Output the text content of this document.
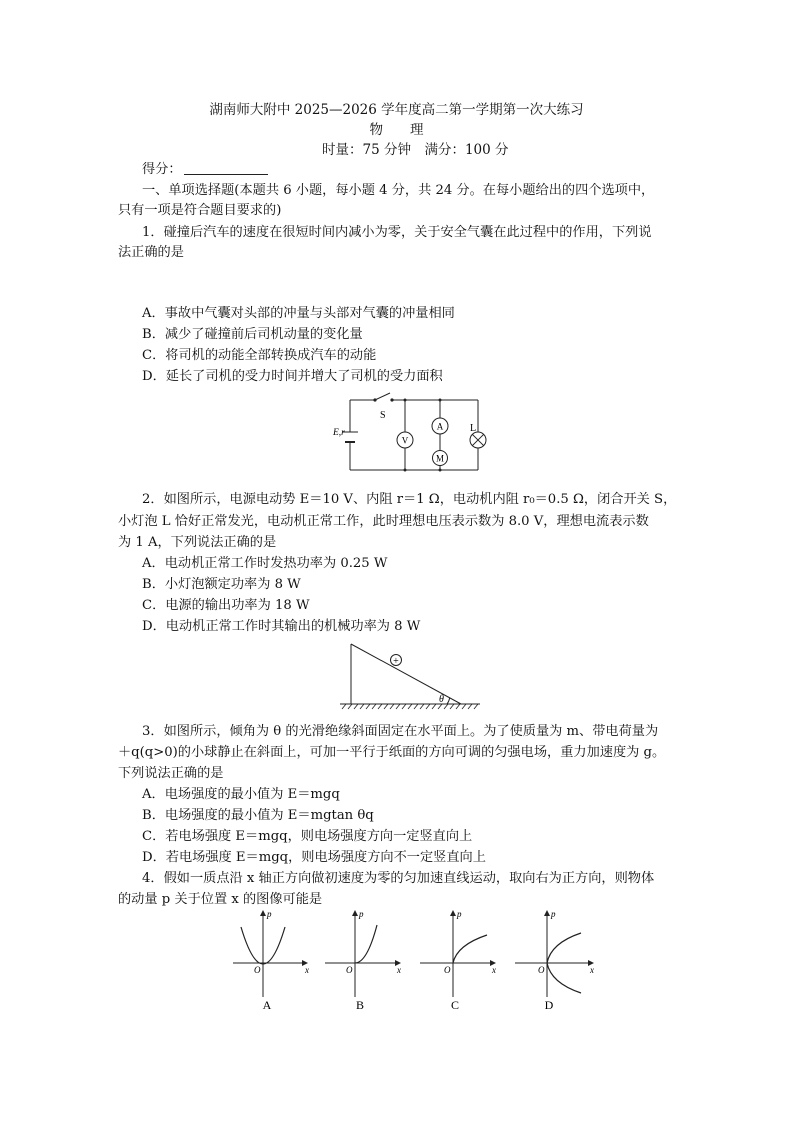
湖南师大附中 2025—2026 学年度高二第一学期第一次大练习
物　　理
时量：75 分钟　满分：100 分
得分：
一、单项选择题(本题共 6 小题，每小题 4 分，共 24 分。在每小题给出的四个选项中，
只有一项是符合题目要求的)
1．碰撞后汽车的速度在很短时间内减小为零，关于安全气囊在此过程中的作用，下列说
法正确的是
A．事故中气囊对头部的冲量与头部对气囊的冲量相同
B．减少了碰撞前后司机动量的变化量
C．将司机的动能全部转换成汽车的动能
D．延长了司机的受力时间并增大了司机的受力面积
S
E,r
V
A
M
L
2．如图所示，电源电动势 E＝10 V、内阻 r＝1 Ω，电动机内阻 r₀＝0.5 Ω，闭合开关 S，
小灯泡 L 恰好正常发光，电动机正常工作，此时理想电压表示数为 8.0 V，理想电流表示数
为 1 A，下列说法正确的是
A．电动机正常工作时发热功率为 0.25 W
B．小灯泡额定功率为 8 W
C．电源的输出功率为 18 W
D．电动机正常工作时其输出的机械功率为 8 W
+
θ
3．如图所示，倾角为 θ 的光滑绝缘斜面固定在水平面上。为了使质量为 m、带电荷量为
＋q(q>0)的小球静止在斜面上，可加一平行于纸面的方向可调的匀强电场，重力加速度为 g。
下列说法正确的是
A．电场强度的最小值为 E＝mgq
B．电场强度的最小值为 E＝mgtan θq
C．若电场强度 E＝mgq，则电场强度方向一定竖直向上
D．若电场强度 E＝mgq，则电场强度方向不一定竖直向上
4．假如一质点沿 x 轴正方向做初速度为零的匀加速直线运动，取向右为正方向，则物体
的动量 p 关于位置 x 的图像可能是
p
x
O
A
p
x
O
B
p
x
O
C
p
x
O
D
